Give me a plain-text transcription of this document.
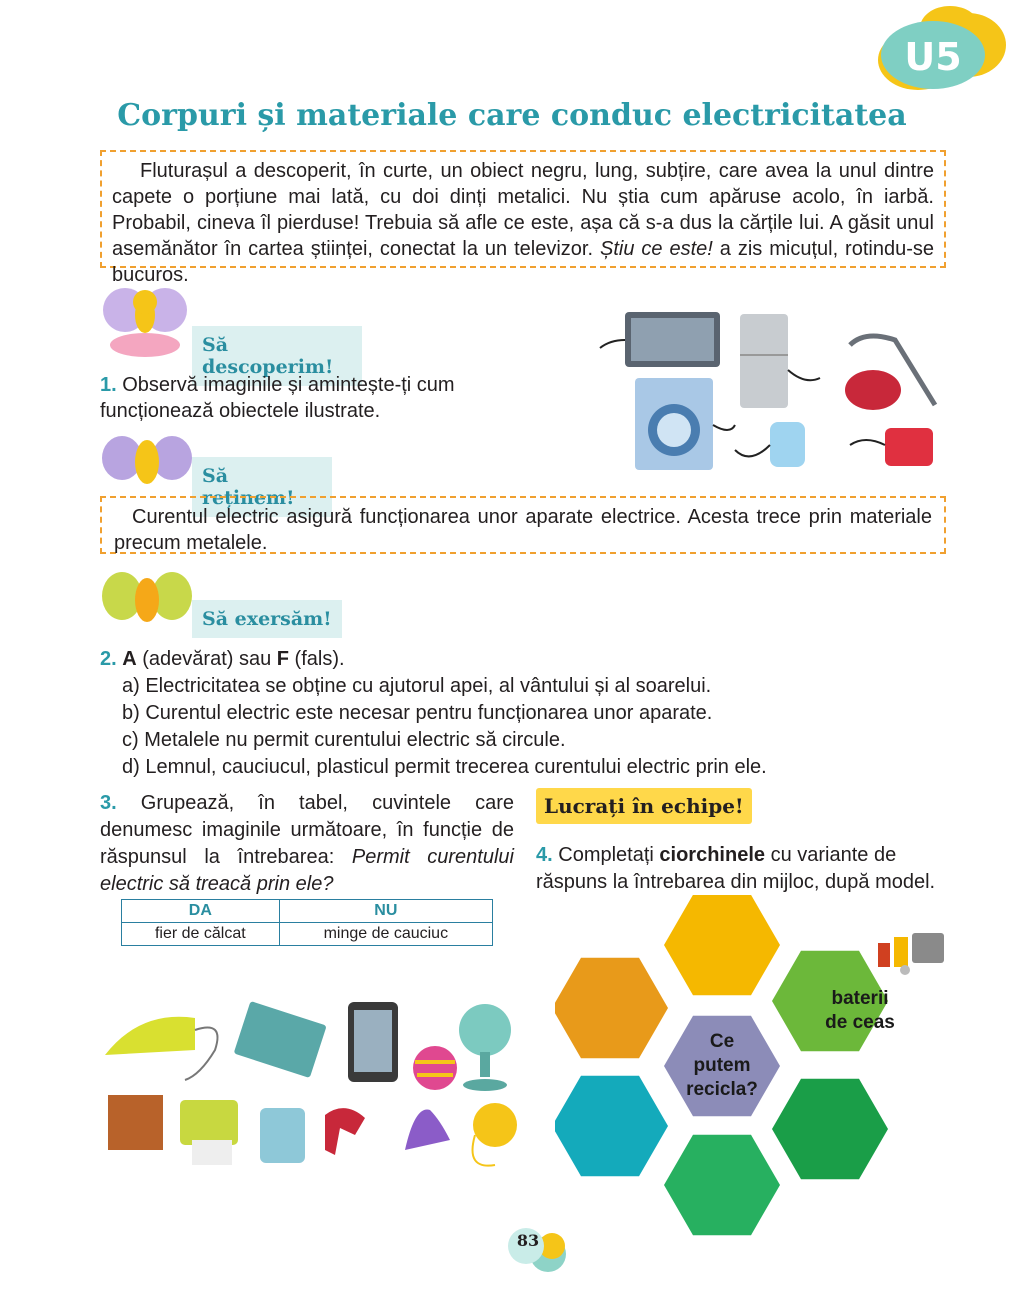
U5
Corpuri și materiale care conduc electricitatea

Fluturașul a descoperit, în curte, un obiect negru, lung, subțire, care avea la unul dintre capete o porțiune mai lată, cu doi dinți metalici. Nu știa cum apăruse acolo, în iarbă. Probabil, cineva îl pierduse! Trebuia să afle ce este, așa că s-a dus la cărțile lui. A găsit unul asemănător în cartea științei, conectat la un televizor. Știu ce este! a zis micuțul, rotindu-se bucuros.

Să descoperim!
1. Observă imaginile și amintește-ți cum funcționează obiectele ilustrate.
Să reținem!

Curentul electric asigură funcționarea unor aparate electrice. Acesta trece prin materiale precum metalele.

Să exersăm!
2. A (adevărat) sau F (fals).
a) Electricitatea se obține cu ajutorul apei, al vântului și al soarelui.
b) Curentul electric este necesar pentru funcționarea unor aparate.
c) Metalele nu permit curentului electric să circule.
d) Lemnul, cauciucul, plasticul permit trecerea curentului electric prin ele.
3. Grupează, în tabel, cuvintele care denumesc imaginile următoare, în funcție de răspunsul la întrebarea: Permit curentului electric să treacă prin ele?
DA	NU
fier de călcat	minge de cauciuc
Lucrați în echipe!
4. Completați ciorchinele cu variante de răspuns la întrebarea din mijloc, după model.
baterii
de ceas
Ce
putem
recicla?
83
